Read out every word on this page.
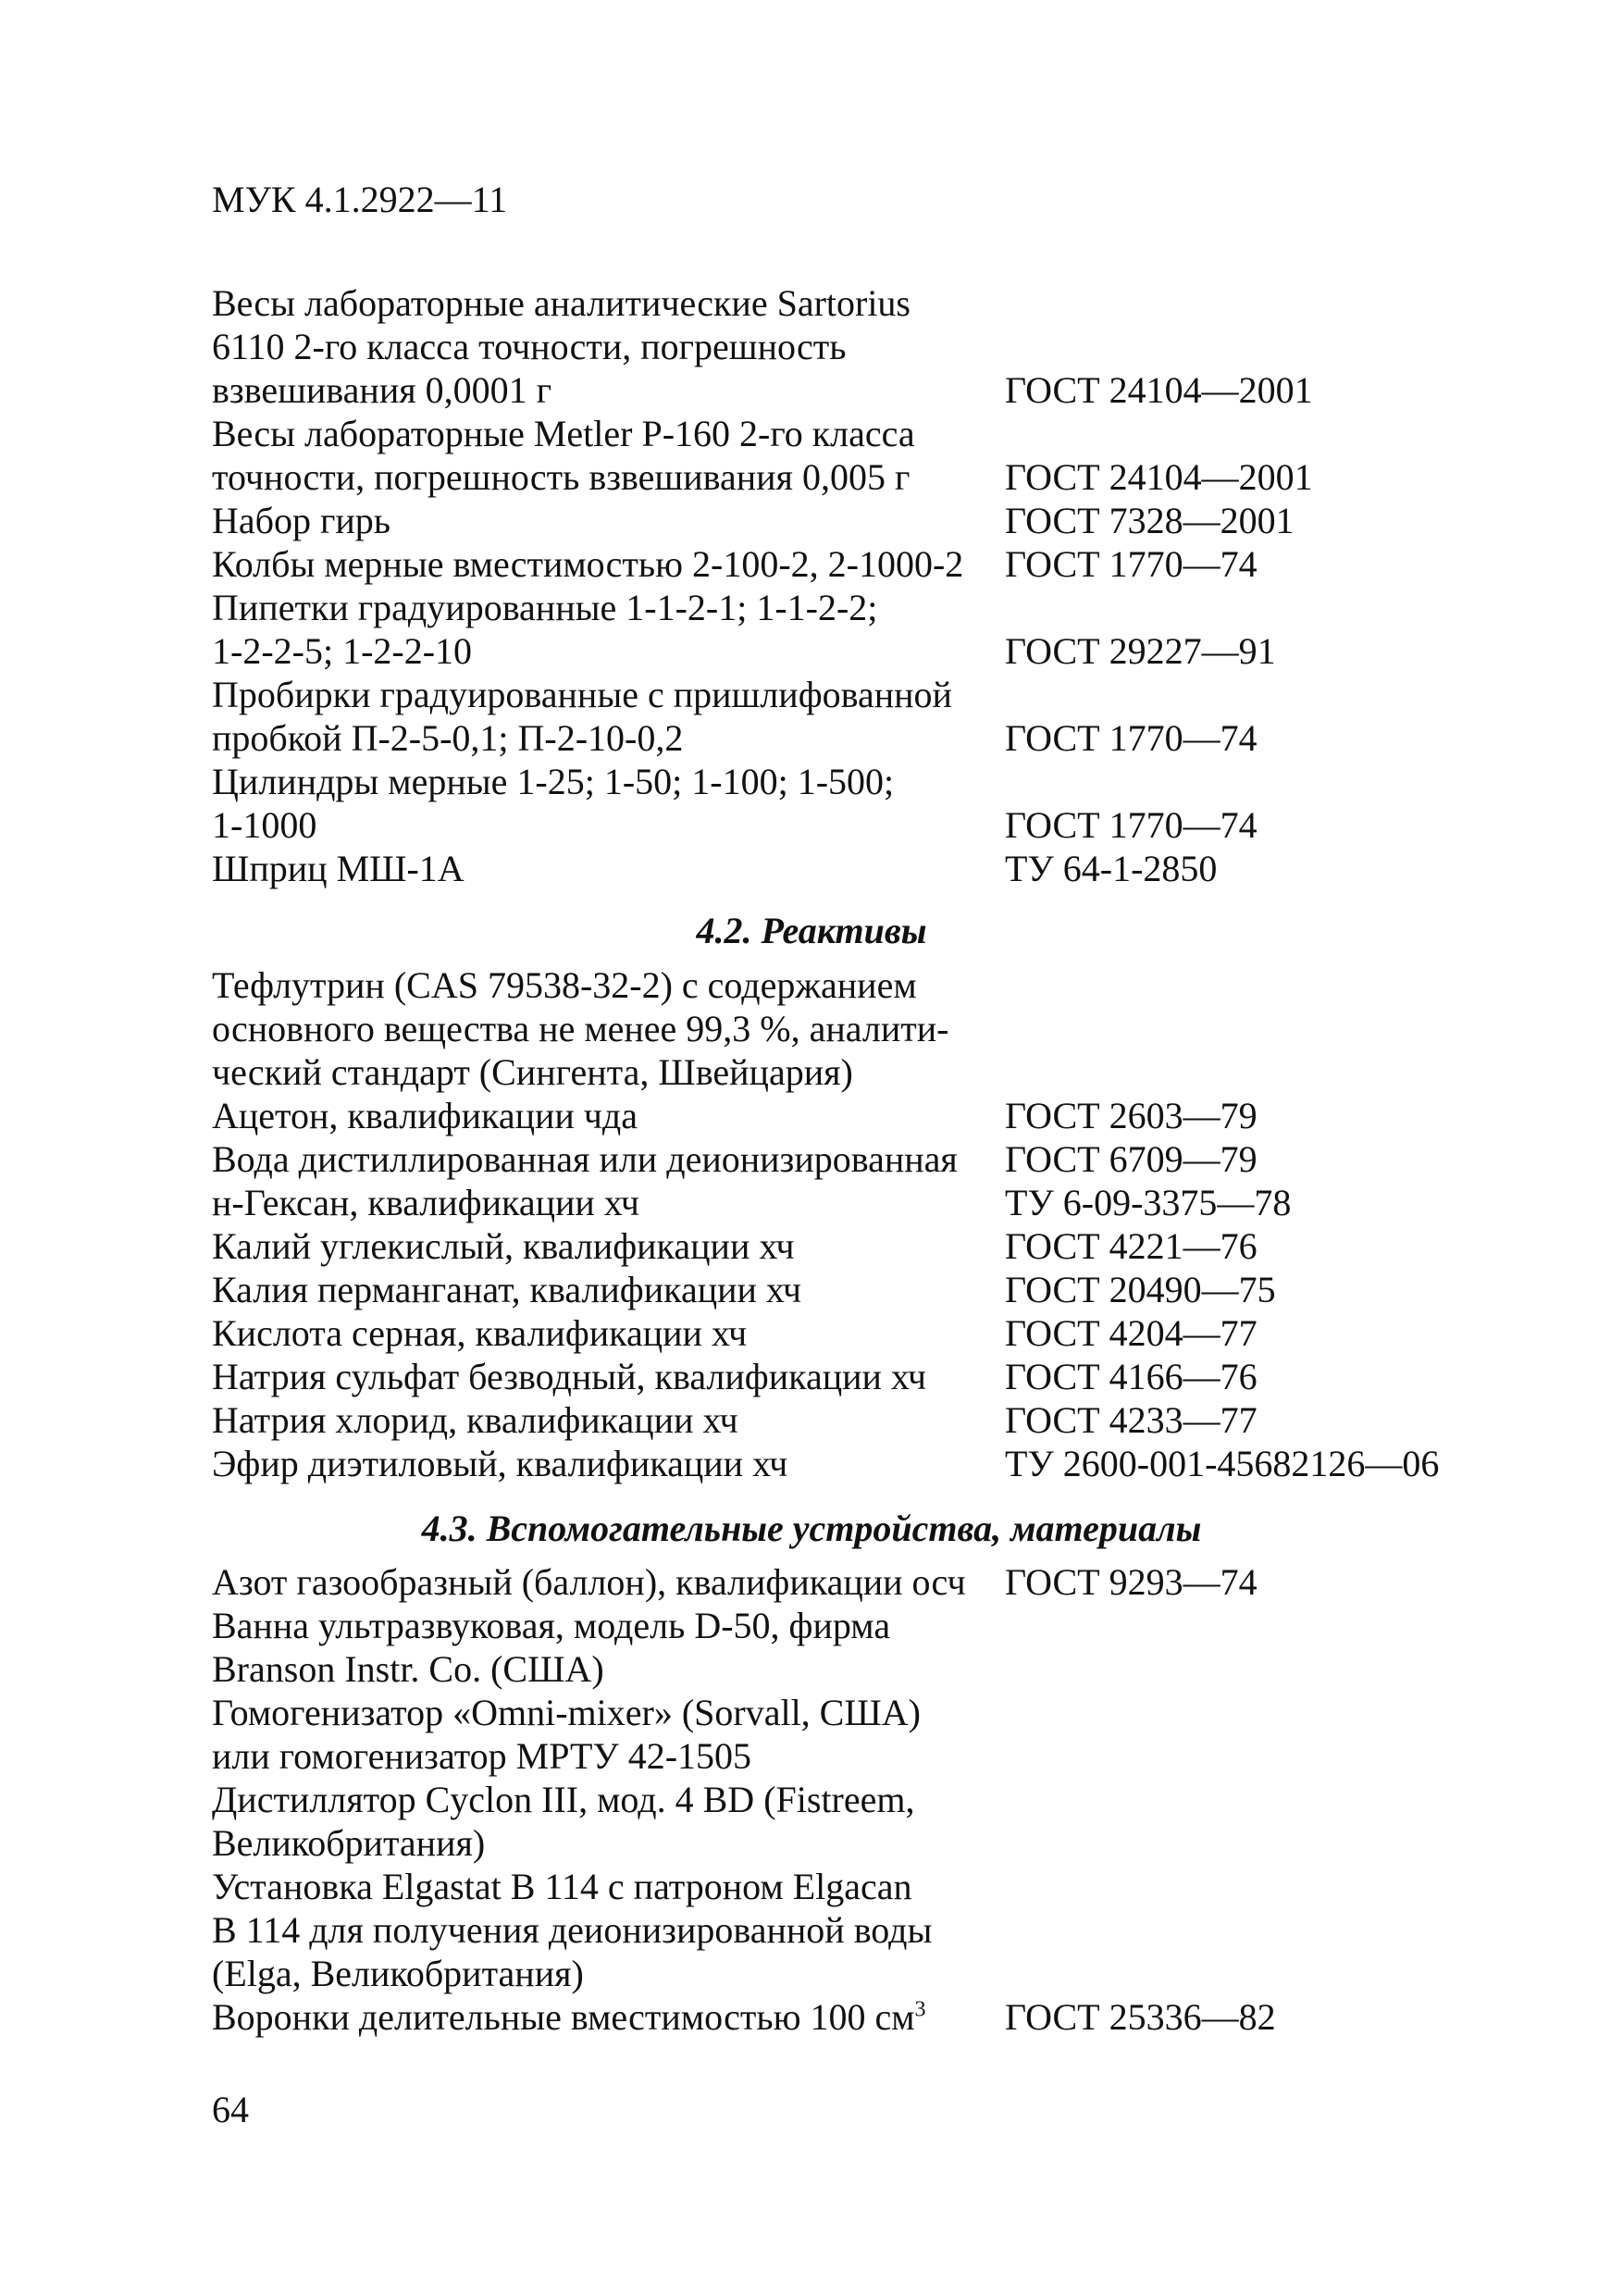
МУК 4.1.2922—11
Весы лабораторные аналитические Sartorius
6110 2-го класса точности, погрешность
взвешивания 0,0001 г	ГОСТ 24104—2001
Весы лабораторные Metler P-160 2-го класса
точности, погрешность взвешивания 0,005 г	ГОСТ 24104—2001
Набор гирь	ГОСТ 7328—2001
Колбы мерные вместимостью 2-100-2, 2-1000-2 ГОСТ 1770—74
Пипетки градуированные 1-1-2-1; 1-1-2-2;
1-2-2-5; 1-2-2-10	ГОСТ 29227—91
Пробирки градуированные с пришлифованной
пробкой П-2-5-0,1; П-2-10-0,2	ГОСТ 1770—74
Цилиндры мерные 1-25; 1-50; 1-100; 1-500;
1-1000	ГОСТ 1770—74
Шприц МШ-1А	ТУ 64-1-2850
4.2. Реактивы
Тефлутрин (CAS 79538-32-2) с содержанием
основного вещества не менее 99,3 %, аналити-
ческий стандарт (Сингента, Швейцария)
Ацетон, квалификации чда	ГОСТ 2603—79
Вода дистиллированная или деионизированная ГОСТ 6709—79
н-Гексан, квалификации хч	ТУ 6-09-3375—78
Калий углекислый, квалификации хч	ГОСТ 4221—76
Калия перманганат, квалификации хч	ГОСТ 20490—75
Кислота серная, квалификации хч	ГОСТ 4204—77
Натрия сульфат безводный, квалификации хч ГОСТ 4166—76
Натрия хлорид, квалификации хч	ГОСТ 4233—77
Эфир диэтиловый, квалификации хч	ТУ 2600-001-45682126—06
4.3. Вспомогательные устройства, материалы
Азот газообразный (баллон), квалификации осч ГОСТ 9293—74
Ванна ультразвуковая, модель D-50, фирма
Branson Instr. Co. (США)
Гомогенизатор «Omni-mixer» (Sorvall, США)
или гомогенизатор МРТУ 42-1505
Дистиллятор Cyclon III, мод. 4 BD (Fistreem,
Великобритания)
Установка Elgastat B 114 с патроном Elgacan
B 114 для получения деионизированной воды
(Elga, Великобритания)
Воронки делительные вместимостью 100 $см^3$ ГОСТ 25336—82
64
